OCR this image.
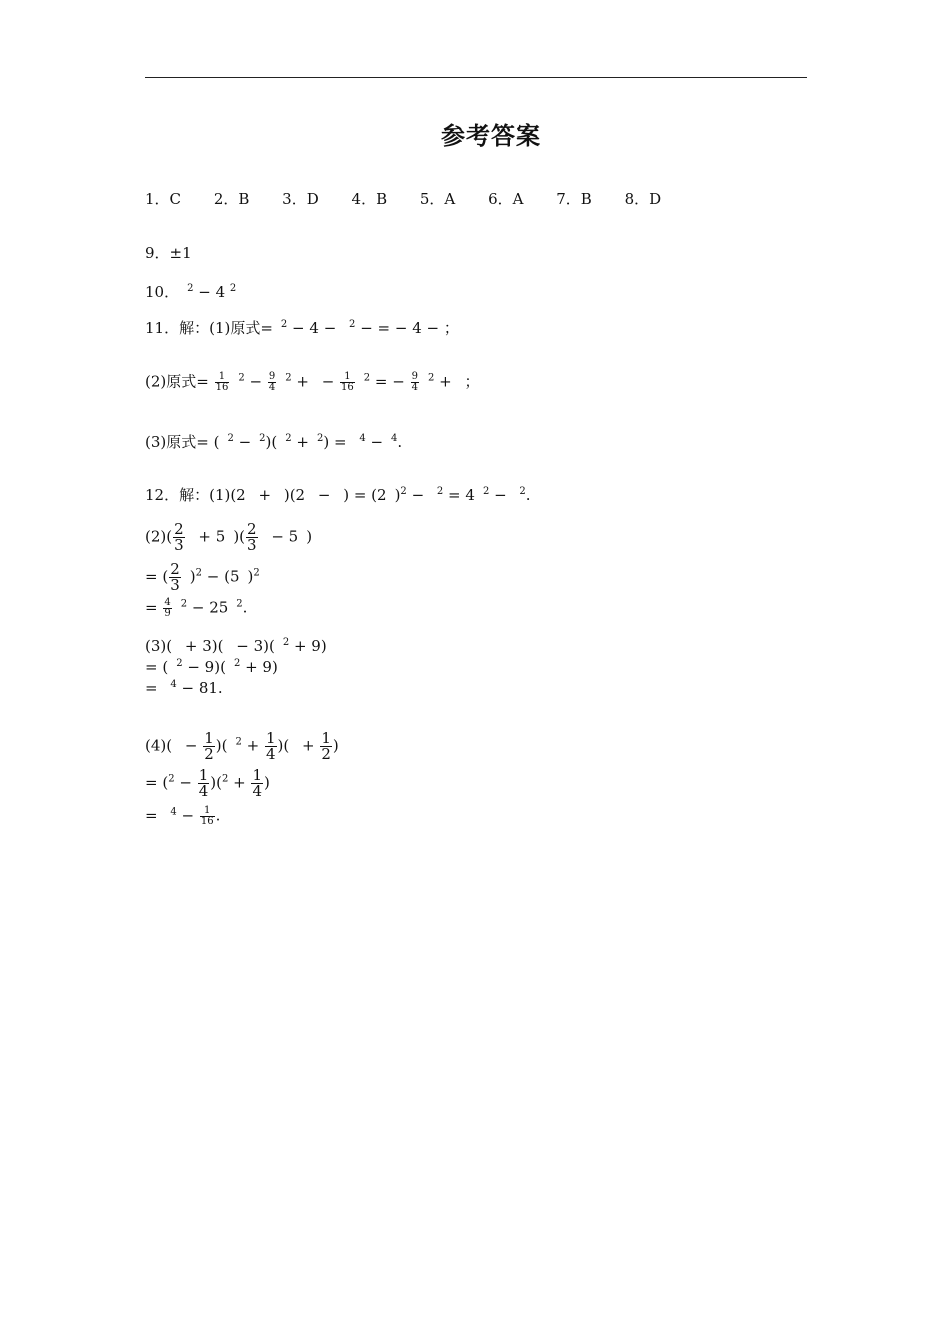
参考答案
1．C 2．B 3．D 4．B 5．A 6．A 7．B 8．D
9．±1
10． $^2$ − 4 $^2$
11．解：(1)原式= $^2$ − 4 − $^2$ − = − 4 − ；
(2)原式= $\frac{1}{16} ^2 - \frac{9}{4} ^2$ + − $\frac{1}{16} ^2$ = − $\frac{9}{4} ^2$ + ；
(3)原式= ( $^2$ − $^2$)( $^2$ + $^2$) = $^4$ − $^4$.
12．解：(1)(2 + )(2 − ) = (2 )$^2$ − $^2$ = 4 $^2$ − $^2$.
$(2)( \frac{2}{3} + 5$ )( $\frac{2}{3} - 5$ )
= ( $\frac{2}{3} )^2 - (5$ )$^2$
= $\frac{4}{9} ^2 - 25$ $^2$.
(3)( + 3)( − 3)( $^2$ + 9)
= ( $^2$ − 9)( $^2$ + 9)
= $^4$ − 81.
$(4)( - \frac{1}{2}$ )( $^2 + \frac{1}{4}$ )( + $\frac{1}{2}$ )
= $(^2 - \frac{1}{4} )(^2 + \frac{1}{4}$ )
= $^4 - \frac{1}{16}$ .
